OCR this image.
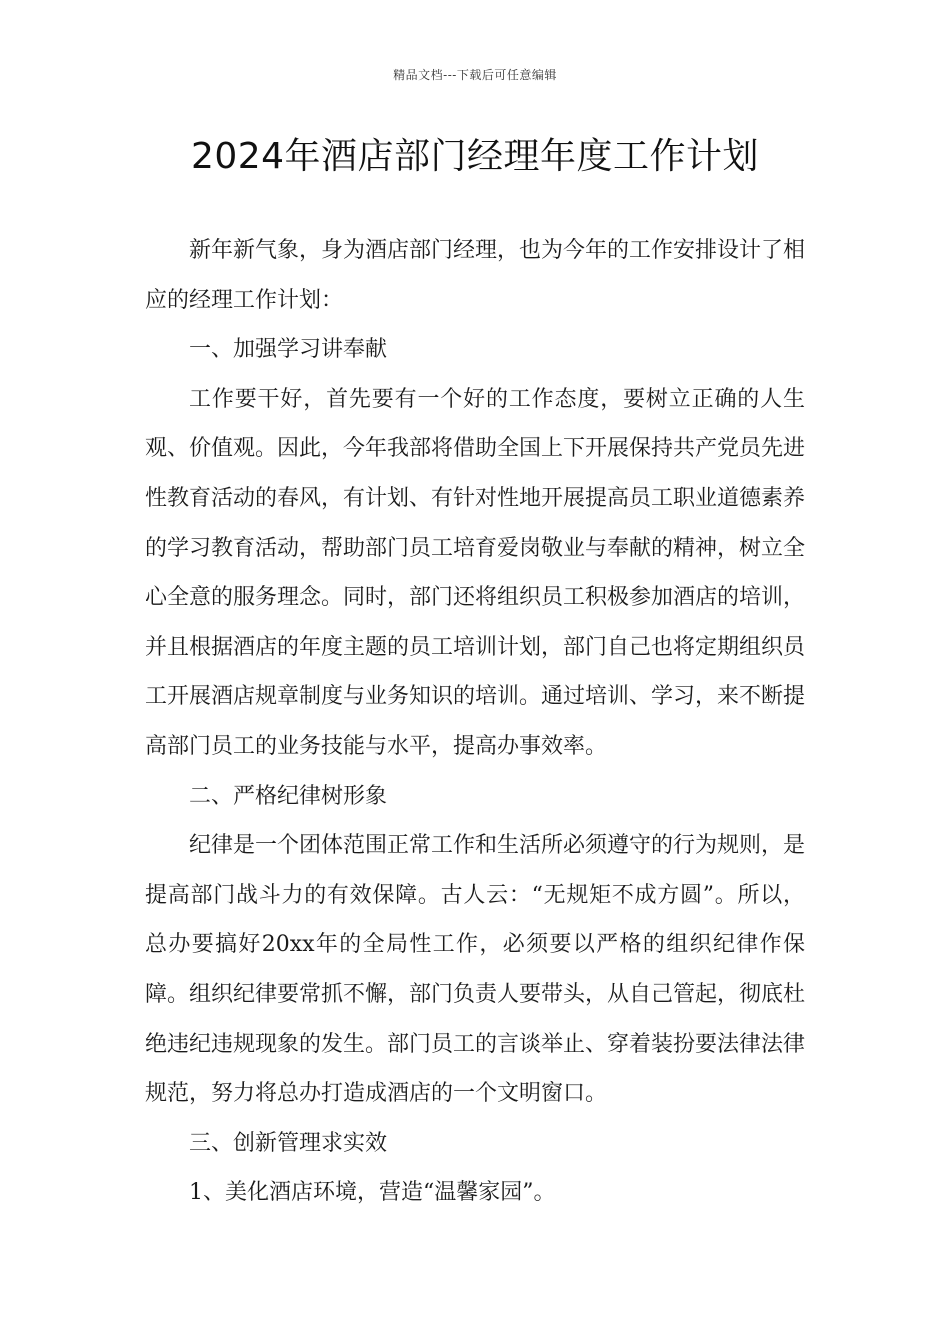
精品文档---下载后可任意编辑
2024年酒店部门经理年度工作计划

新年新气象，身为酒店部门经理，也为今年的工作安排设计了相应的经理工作计划：

一、加强学习讲奉献

工作要干好，首先要有一个好的工作态度，要树立正确的人生观、价值观。因此，今年我部将借助全国上下开展保持共产党员先进性教育活动的春风，有计划、有针对性地开展提高员工职业道德素养的学习教育活动，帮助部门员工培育爱岗敬业与奉献的精神，树立全心全意的服务理念。同时，部门还将组织员工积极参加酒店的培训，并且根据酒店的年度主题的员工培训计划，部门自己也将定期组织员工开展酒店规章制度与业务知识的培训。通过培训、学习，来不断提高部门员工的业务技能与水平，提高办事效率。

二、严格纪律树形象

纪律是一个团体范围正常工作和生活所必须遵守的行为规则，是提高部门战斗力的有效保障。古人云：“无规矩不成方圆”。所以，总办要搞好20xx年的全局性工作，必须要以严格的组织纪律作保障。组织纪律要常抓不懈，部门负责人要带头，从自己管起，彻底杜绝违纪违规现象的发生。部门员工的言谈举止、穿着装扮要法律法律规范，努力将总办打造成酒店的一个文明窗口。

三、创新管理求实效

1、美化酒店环境，营造“温馨家园”。
